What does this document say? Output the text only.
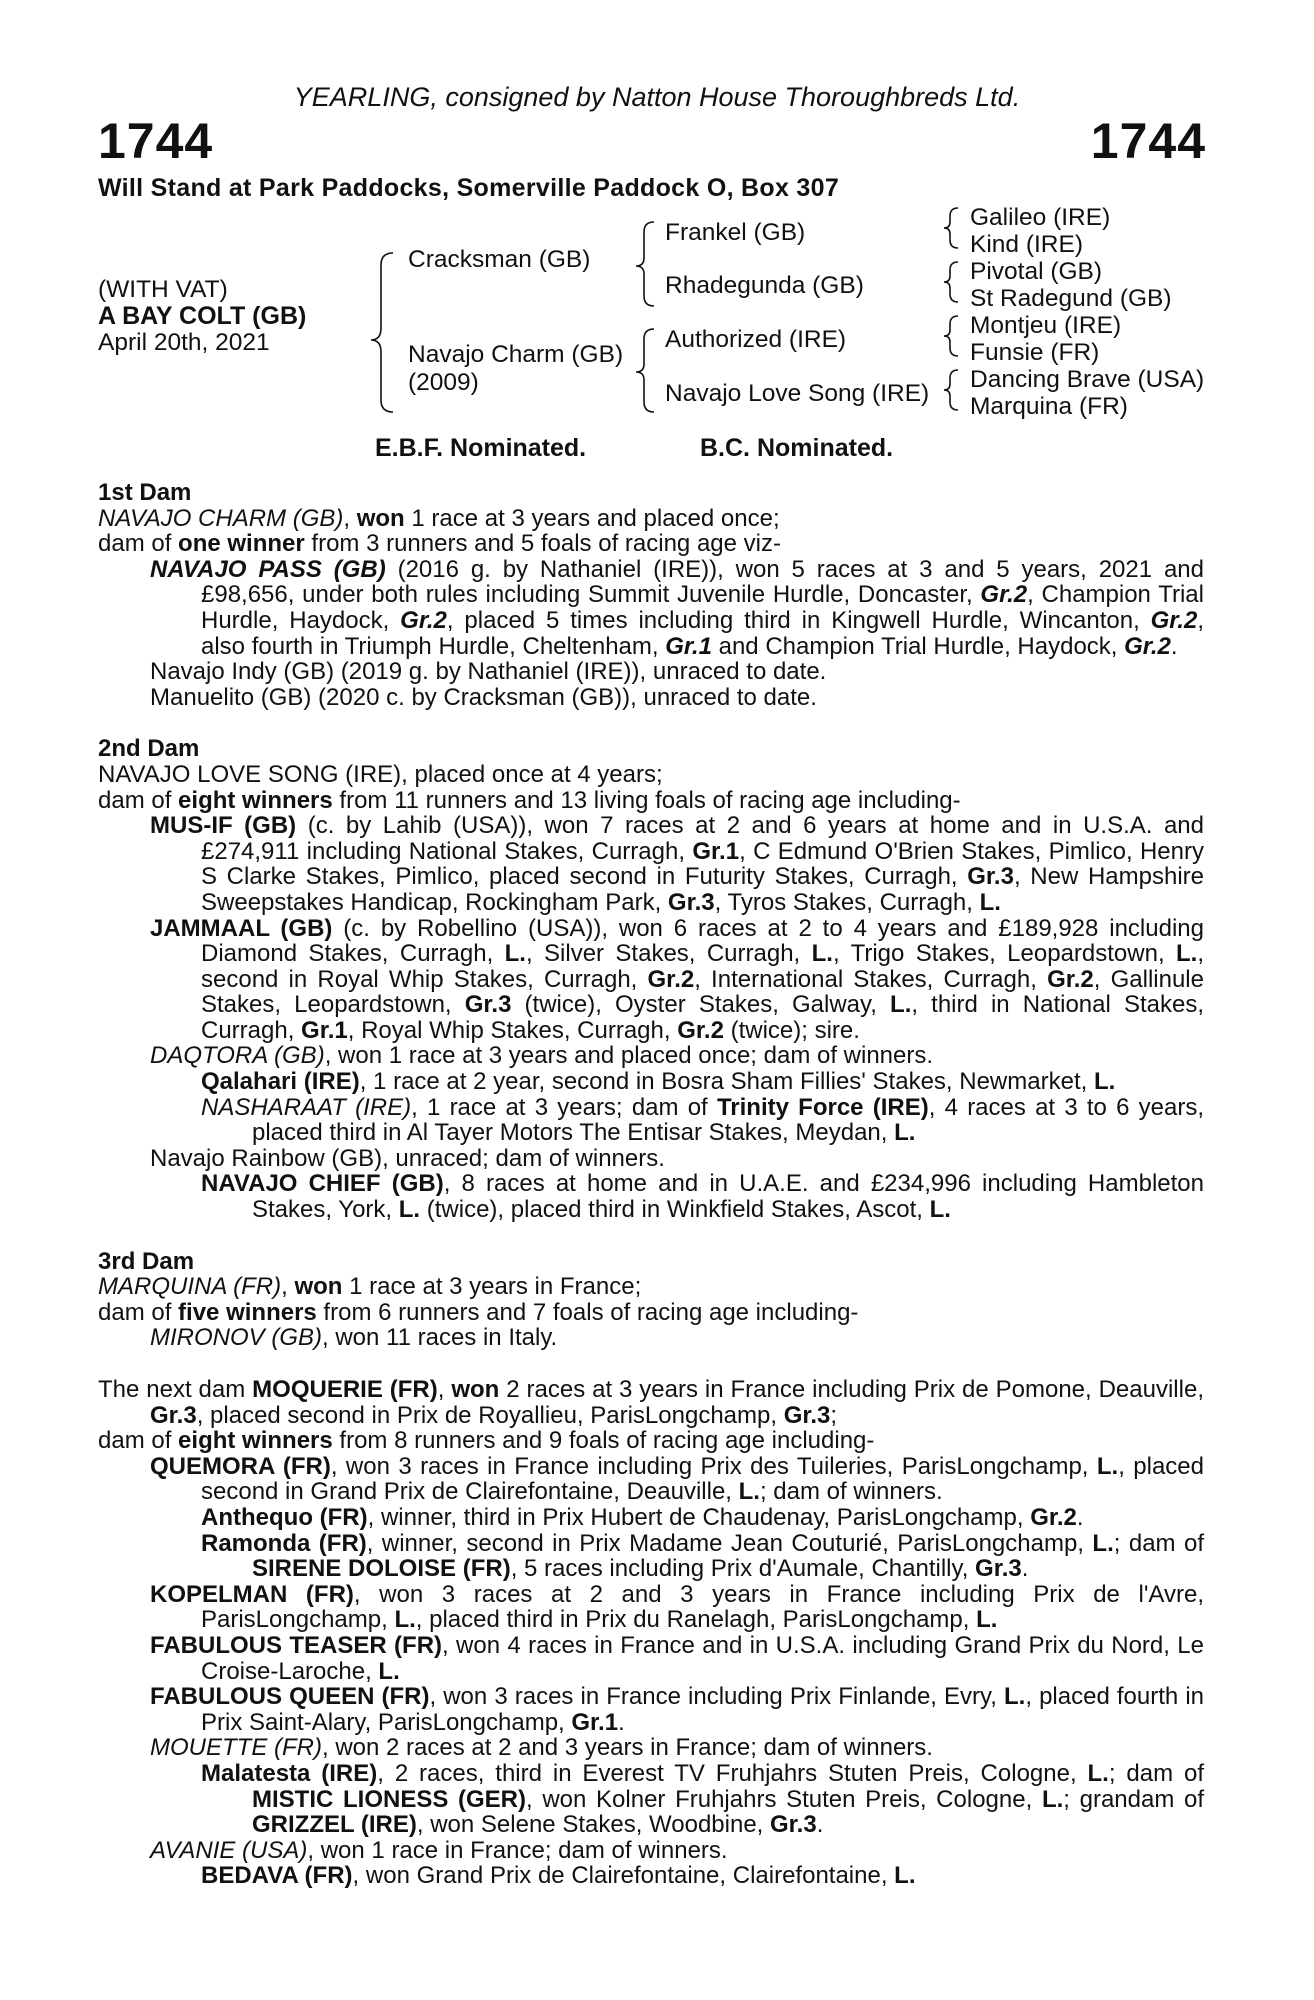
YEARLING, consigned by Natton House Thoroughbreds Ltd.
1744	1744
Will Stand at Park Paddocks, Somerville Paddock O, Box 307
(WITH VAT)
A BAY COLT (GB)
April 20th, 2021
Cracksman (GB)
Navajo Charm (GB)
(2009)
Frankel (GB)
Rhadegunda (GB)
Authorized (IRE)
Navajo Love Song (IRE)
Galileo (IRE)
Kind (IRE)
Pivotal (GB)
St Radegund (GB)
Montjeu (IRE)
Funsie (FR)
Dancing Brave (USA)
Marquina (FR)
E.B.F. Nominated.	B.C. Nominated.
1st Dam
NAVAJO CHARM (GB), won 1 race at 3 years and placed once;
dam of one winner from 3 runners and 5 foals of racing age viz-
NAVAJO PASS (GB) (2016 g. by Nathaniel (IRE)), won 5 races at 3 and 5 years, 2021 and £98,656, under both rules including Summit Juvenile Hurdle, Doncaster, Gr.2, Champion Trial Hurdle, Haydock, Gr.2, placed 5 times including third in Kingwell Hurdle, Wincanton, Gr.2, also fourth in Triumph Hurdle, Cheltenham, Gr.1 and Champion Trial Hurdle, Haydock, Gr.2.
Navajo Indy (GB) (2019 g. by Nathaniel (IRE)), unraced to date.
Manuelito (GB) (2020 c. by Cracksman (GB)), unraced to date.
2nd Dam
NAVAJO LOVE SONG (IRE), placed once at 4 years;
dam of eight winners from 11 runners and 13 living foals of racing age including-
MUS-IF (GB) (c. by Lahib (USA)), won 7 races at 2 and 6 years at home and in U.S.A. and £274,911 including National Stakes, Curragh, Gr.1, C Edmund O'Brien Stakes, Pimlico, Henry S Clarke Stakes, Pimlico, placed second in Futurity Stakes, Curragh, Gr.3, New Hampshire Sweepstakes Handicap, Rockingham Park, Gr.3, Tyros Stakes, Curragh, L.
JAMMAAL (GB) (c. by Robellino (USA)), won 6 races at 2 to 4 years and £189,928 including Diamond Stakes, Curragh, L., Silver Stakes, Curragh, L., Trigo Stakes, Leopardstown, L., second in Royal Whip Stakes, Curragh, Gr.2, International Stakes, Curragh, Gr.2, Gallinule Stakes, Leopardstown, Gr.3 (twice), Oyster Stakes, Galway, L., third in National Stakes, Curragh, Gr.1, Royal Whip Stakes, Curragh, Gr.2 (twice); sire.
DAQTORA (GB), won 1 race at 3 years and placed once; dam of winners.
Qalahari (IRE), 1 race at 2 year, second in Bosra Sham Fillies' Stakes, Newmarket, L.
NASHARAAT (IRE), 1 race at 3 years; dam of Trinity Force (IRE), 4 races at 3 to 6 years, placed third in Al Tayer Motors The Entisar Stakes, Meydan, L.
Navajo Rainbow (GB), unraced; dam of winners.
NAVAJO CHIEF (GB), 8 races at home and in U.A.E. and £234,996 including Hambleton Stakes, York, L. (twice), placed third in Winkfield Stakes, Ascot, L.
3rd Dam
MARQUINA (FR), won 1 race at 3 years in France;
dam of five winners from 6 runners and 7 foals of racing age including-
MIRONOV (GB), won 11 races in Italy.
The next dam MOQUERIE (FR), won 2 races at 3 years in France including Prix de Pomone, Deauville, Gr.3, placed second in Prix de Royallieu, ParisLongchamp, Gr.3;
dam of eight winners from 8 runners and 9 foals of racing age including-
QUEMORA (FR), won 3 races in France including Prix des Tuileries, ParisLongchamp, L., placed second in Grand Prix de Clairefontaine, Deauville, L.; dam of winners.
Anthequo (FR), winner, third in Prix Hubert de Chaudenay, ParisLongchamp, Gr.2.
Ramonda (FR), winner, second in Prix Madame Jean Couturié, ParisLongchamp, L.; dam of SIRENE DOLOISE (FR), 5 races including Prix d'Aumale, Chantilly, Gr.3.
KOPELMAN (FR), won 3 races at 2 and 3 years in France including Prix de l'Avre, ParisLongchamp, L., placed third in Prix du Ranelagh, ParisLongchamp, L.
FABULOUS TEASER (FR), won 4 races in France and in U.S.A. including Grand Prix du Nord, Le Croise-Laroche, L.
FABULOUS QUEEN (FR), won 3 races in France including Prix Finlande, Evry, L., placed fourth in Prix Saint-Alary, ParisLongchamp, Gr.1.
MOUETTE (FR), won 2 races at 2 and 3 years in France; dam of winners.
Malatesta (IRE), 2 races, third in Everest TV Fruhjahrs Stuten Preis, Cologne, L.; dam of MISTIC LIONESS (GER), won Kolner Fruhjahrs Stuten Preis, Cologne, L.; grandam of GRIZZEL (IRE), won Selene Stakes, Woodbine, Gr.3.
AVANIE (USA), won 1 race in France; dam of winners.
BEDAVA (FR), won Grand Prix de Clairefontaine, Clairefontaine, L.
